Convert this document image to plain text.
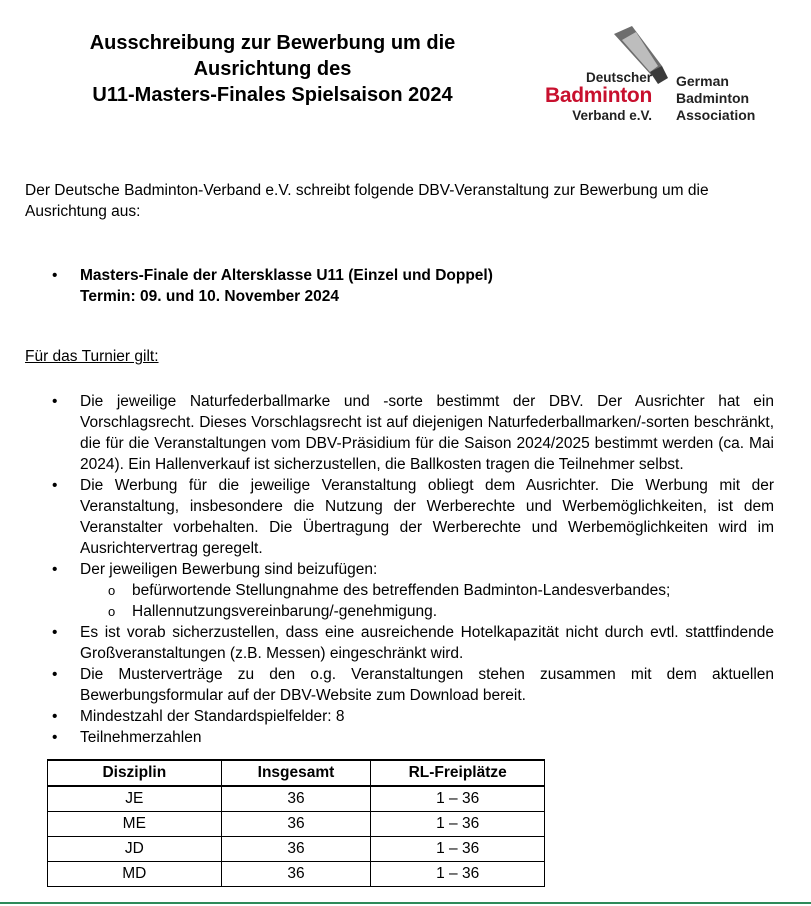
Ausschreibung zur Bewerbung um die
Ausrichtung des
U11-Masters-Finales Spielsaison 2024
Deutscher
Badminton
Verband e.V.
German
Badminton
Association
Der Deutsche Badminton-Verband e.V. schreibt folgende DBV-Veranstaltung zur Bewerbung um die Ausrichtung aus:
• Masters-Finale der Altersklasse U11 (Einzel und Doppel)
Termin: 09. und 10. November 2024
Für das Turnier gilt:
• Die jeweilige Naturfederballmarke und -sorte bestimmt der DBV. Der Ausrichter hat ein Vorschlagsrecht. Dieses Vorschlagsrecht ist auf diejenigen Naturfederballmarken/-sorten beschränkt, die für die Veranstaltungen vom DBV-Präsidium für die Saison 2024/2025 bestimmt werden (ca. Mai 2024). Ein Hallenverkauf ist sicherzustellen, die Ballkosten tragen die Teilnehmer selbst.
• Die Werbung für die jeweilige Veranstaltung obliegt dem Ausrichter. Die Werbung mit der Veranstaltung, insbesondere die Nutzung der Werberechte und Werbemöglichkeiten, ist dem Veranstalter vorbehalten. Die Übertragung der Werberechte und Werbemöglichkeiten wird im Ausrichtervertrag geregelt.
• Der jeweiligen Bewerbung sind beizufügen:
o befürwortende Stellungnahme des betreffenden Badminton-Landesverbandes;
o Hallennutzungsvereinbarung/-genehmigung.
• Es ist vorab sicherzustellen, dass eine ausreichende Hotelkapazität nicht durch evtl. stattfindende Großveranstaltungen (z.B. Messen) eingeschränkt wird.
• Die Musterverträge zu den o.g. Veranstaltungen stehen zusammen mit dem aktuellen Bewerbungsformular auf der DBV-Website zum Download bereit.
• Mindestzahl der Standardspielfelder: 8
• Teilnehmerzahlen
Disziplin	Insgesamt	RL-Freiplätze
JE	36	1 – 36
ME	36	1 – 36
JD	36	1 – 36
MD	36	1 – 36
